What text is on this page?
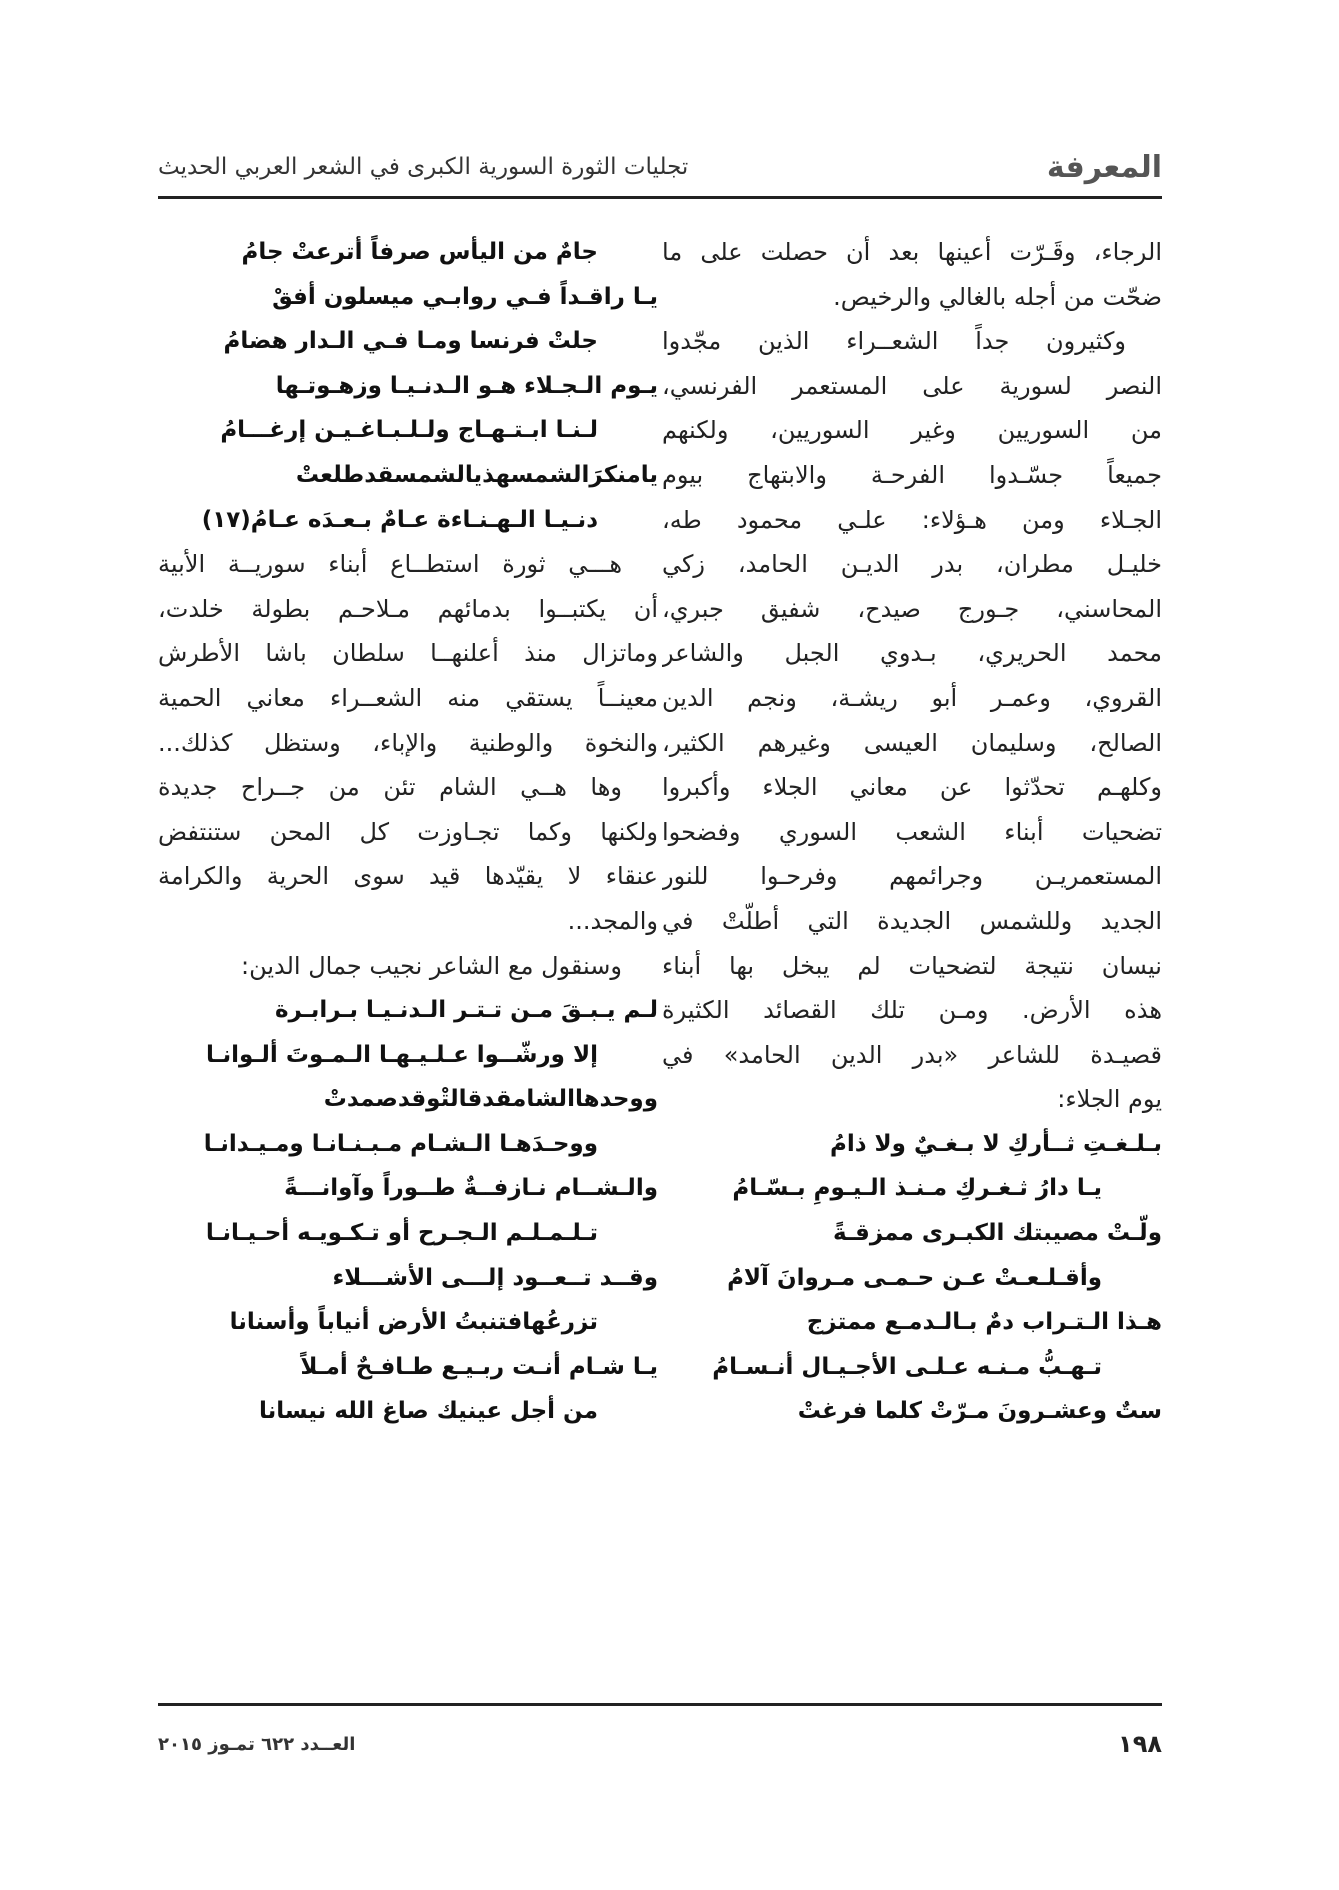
المعرفة
تجليات الثورة السورية الكبرى في الشعر العربي الحديث
الرجاء، وقَـرّت أعينها بعد أن حصلت على ما
ضحّت من أجله بالغالي والرخيص.
وكثيرون جداً الشعــراء الذين مجّدوا
النصر لسورية على المستعمر الفرنسي،
من السوريين وغير السوريين، ولكنهم
جميعاً جسّـدوا الفرحـة والابتهاج بيوم
الجـلاء ومن هـؤلاء: علـي محمود طه،
خليـل مطران، بدر الديـن الحامد، زكي
المحاسني، جـورج صيدح، شفيق جبري،
محمد الحريري، بـدوي الجبل والشاعر
القروي، وعمـر أبو ريشـة، ونجم الدين
الصالح، وسليمان العيسى وغيرهم الكثير،
وكلهـم تحدّثوا عن معاني الجلاء وأكبروا
تضحيات أبناء الشعب السوري وفضحوا
المستعمريـن وجرائمهم وفرحـوا للنور
الجديد وللشمس الجديدة التي أطلّتْ في
نيسان نتيجة لتضحيات لم يبخل بها أبناء
هذه الأرض. ومـن تلك القصائد الكثيرة
قصيـدة للشاعر «بدر الدين الحامد» في
يوم الجلاء:
بـلـغـتِ ثــأركِ لا بـغـيٌ ولا ذامُ
يـا دارُ ثـغـركِ مـنـذ الـيـومِ بـسّـامُ
ولّـتْ مصيبتك الكبـرى ممزقـةً
وأقـلـعـتْ عـن حـمـى مـروانَ آلامُ
هـذا الـتـراب دمٌ بـالـدمـع ممتزج
تـهـبُّ مـنـه عـلـى الأجـيـال أنـسـامُ
ستٌ وعشـرونَ مـرّتْ كلما فرغتْ
جامٌ من اليأس صرفاً أترعتْ جامُ
يـا راقـداً فـي روابـي ميسلون أفقْ
جلتْ فرنسا ومـا فـي الـدار هضامُ
يـوم الـجـلاء هـو الـدنـيـا وزهـوتـها
لـنـا ابـتـهـاج ولـلـبـاغـيـن إرغـــامُ
يامنكرَالشمسهذيالشمسقدطلعتْ
دنـيـا الـهـنـاءة عـامٌ بـعـدَه عـامُ(١٧)
هـــي ثورة استطــاع أبناء سوريــة الأبية
أن يكتبــوا بدمائهم مـلاحـم بطولة خلدت،
وماتزال منذ أعلنهــا سلطان باشا الأطرش
معينــاً يستقي منه الشعــراء معاني الحمية
والنخوة والوطنية والإباء، وستظل كذلك...
وها هــي الشام تئن من جــراح جديدة
ولكنها وكما تجـاوزت كل المحن ستنتفض
عنقاء لا يقيّدها قيد سوى الحرية والكرامة
والمجد...
وسنقول مع الشاعر نجيب جمال الدين:
لـم يـبـقَ مـن تـتـر الـدنـيـا بـرابـرة
إلا ورشّــوا عـلـيـهـا الـمـوتَ ألـوانـا
ووحدهاالشامقدقالتْوقدصمدتْ
ووحـدَهـا الـشـام مـبـنـانـا ومـيـدانـا
والـشــام نـازفــةٌ طــوراً وآوانـــةً
تـلـمـلـم الـجـرح أو تـكـويـه أحـيـانـا
وقــد تــعــود إلـــى الأشـــلاء
تزرعُهافتنبتُ الأرض أنياباً وأسنانا
يـا شـام أنـت ربـيـع طـافـحٌ أمـلاً
من أجل عينيك صاغ الله نيسانا
١٩٨
العــدد ٦٢٢ تمـوز ٢٠١٥
